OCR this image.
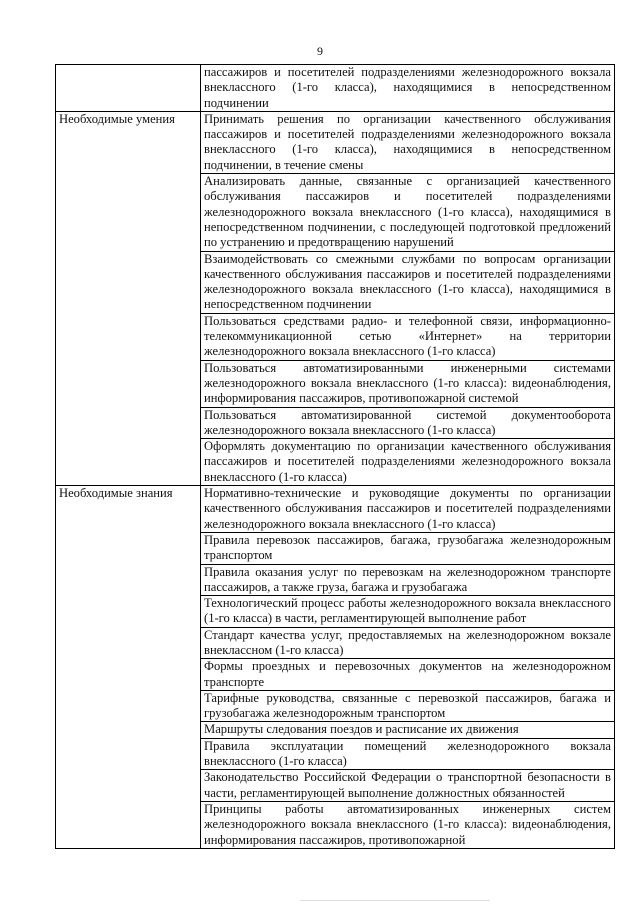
9
	пассажиров и посетителей подразделениями железнодорожного вокзала внеклассного (1-го класса), находящимися в непосредственном подчинении
Необходимые умения	Принимать решения по организации качественного обслуживания пассажиров и посетителей подразделениями железнодорожного вокзала внеклассного (1-го класса), находящимися в непосредственном подчинении, в течение смены
	Анализировать данные, связанные с организацией качественного обслуживания пассажиров и посетителей подразделениями железнодорожного вокзала внеклассного (1-го класса), находящимися в непосредственном подчинении, с последующей подготовкой предложений по устранению и предотвращению нарушений
	Взаимодействовать со смежными службами по вопросам организации качественного обслуживания пассажиров и посетителей подразделениями железнодорожного вокзала внеклассного (1-го класса), находящимися в непосредственном подчинении
	Пользоваться средствами радио- и телефонной связи, информационно-телекоммуникационной сетью «Интернет» на территории железнодорожного вокзала внеклассного (1-го класса)
	Пользоваться автоматизированными инженерными системами железнодорожного вокзала внеклассного (1-го класса): видеонаблюдения, информирования пассажиров, противопожарной системой
	Пользоваться автоматизированной системой документооборота железнодорожного вокзала внеклассного (1-го класса)
	Оформлять документацию по организации качественного обслуживания пассажиров и посетителей подразделениями железнодорожного вокзала внеклассного (1-го класса)
Необходимые знания	Нормативно-технические и руководящие документы по организации качественного обслуживания пассажиров и посетителей подразделениями железнодорожного вокзала внеклассного (1-го класса)
	Правила перевозок пассажиров, багажа, грузобагажа железнодорожным транспортом
	Правила оказания услуг по перевозкам на железнодорожном транспорте пассажиров, а также груза, багажа и грузобагажа
	Технологический процесс работы железнодорожного вокзала внеклассного (1-го класса) в части, регламентирующей выполнение работ
	Стандарт качества услуг, предоставляемых на железнодорожном вокзале внеклассном (1-го класса)
	Формы проездных и перевозочных документов на железнодорожном транспорте
	Тарифные руководства, связанные с перевозкой пассажиров, багажа и грузобагажа железнодорожным транспортом
	Маршруты следования поездов и расписание их движения
	Правила эксплуатации помещений железнодорожного вокзала внеклассного (1-го класса)
	Законодательство Российской Федерации о транспортной безопасности в части, регламентирующей выполнение должностных обязанностей
	Принципы работы автоматизированных инженерных систем железнодорожного вокзала внеклассного (1-го класса): видеонаблюдения, информирования пассажиров, противопожарной
